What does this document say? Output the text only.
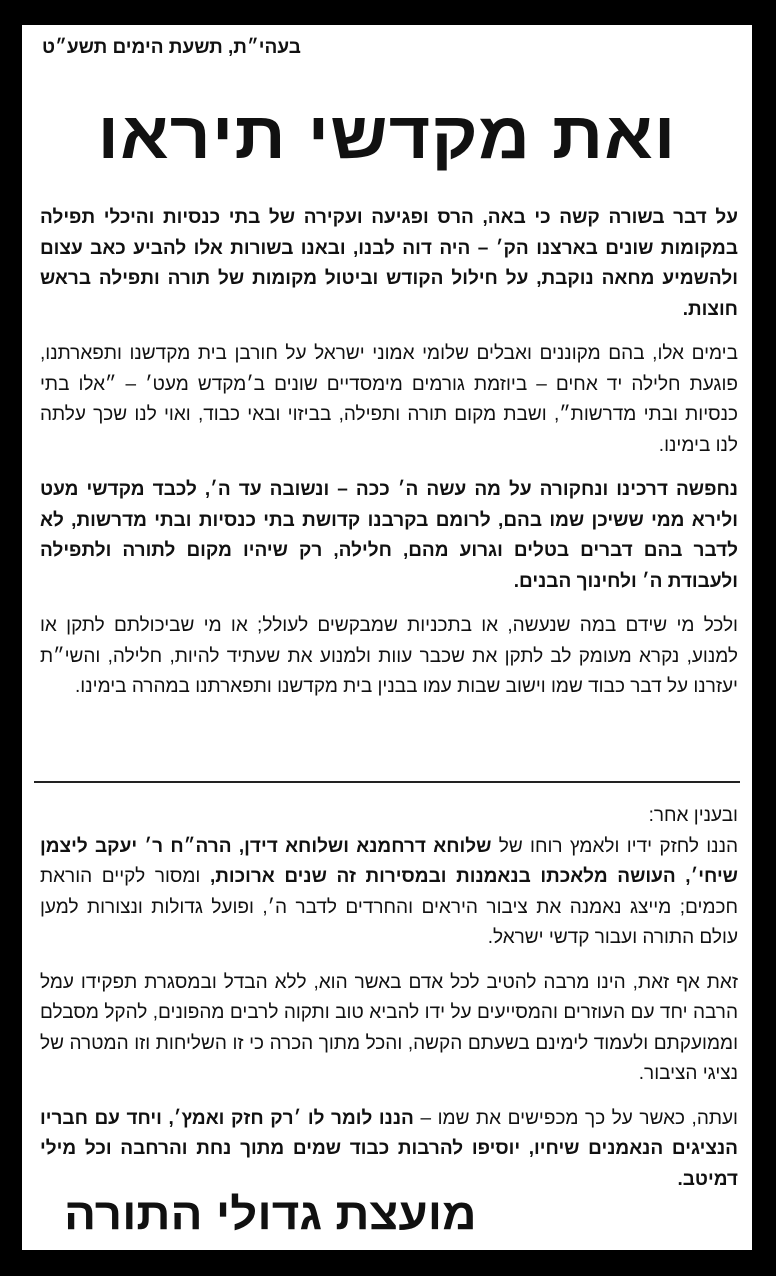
בעהי״ת, תשעת הימים תשע״ט
ואת מקדשי תיראו

על דבר בשורה קשה כי באה, הרס ופגיעה ועקירה של בתי כנסיות והיכלי תפילה במקומות שונים בארצנו הק׳ – היה דוה לבנו, ובאנו בשורות אלו להביע כאב עצום ולהשמיע מחאה נוקבת, על חילול הקודש וביטול מקומות של תורה ותפילה בראש חוצות.

בימים אלו, בהם מקוננים ואבלים שלומי אמוני ישראל על חורבן בית מקדשנו ותפארתנו, פוגעת חלילה יד אחים – ביוזמת גורמים מימסדיים שונים ב׳מקדש מעט׳ – ״אלו בתי כנסיות ובתי מדרשות״, ושבת מקום תורה ותפילה, בביזוי ובאי כבוד, ואוי לנו שכך עלתה לנו בימינו.

נחפשה דרכינו ונחקורה על מה עשה ה׳ ככה – ונשובה עד ה׳, לכבד מקדשי מעט ולירא ממי ששיכן שמו בהם, לרומם בקרבנו קדושת בתי כנסיות ובתי מדרשות, לא לדבר בהם דברים בטלים וגרוע מהם, חלילה, רק שיהיו מקום לתורה ולתפילה ולעבודת ה׳ ולחינוך הבנים.

ולכל מי שידם במה שנעשה, או בתכניות שמבקשים לעולל; או מי שביכולתם לתקן או למנוע, נקרא מעומק לב לתקן את שכבר עוות ולמנוע את שעתיד להיות, חלילה, והשי״ת יעזרנו על דבר כבוד שמו וישוב שבות עמו בבנין בית מקדשנו ותפארתנו במהרה בימינו.

ובענין אחר:

הננו לחזק ידיו ולאמץ רוחו של שלוחא דרחמנא ושלוחא דידן, הרה״ח ר׳ יעקב ליצמן שיחי׳, העושה מלאכתו בנאמנות ובמסירות זה שנים ארוכות, ומסור לקיים הוראת חכמים; מייצג נאמנה את ציבור היראים והחרדים לדבר ה׳, ופועל גדולות ונצורות למען עולם התורה ועבור קדשי ישראל.

זאת אף זאת, הינו מרבה להטיב לכל אדם באשר הוא, ללא הבדל ובמסגרת תפקידו עמל הרבה יחד עם העוזרים והמסייעים על ידו להביא טוב ותקוה לרבים מהפונים, להקל מסבלם וממועקתם ולעמוד לימינם בשעתם הקשה, והכל מתוך הכרה כי זו השליחות וזו המטרה של נציגי הציבור.

ועתה, כאשר על כך מכפישים את שמו – הננו לומר לו ׳רק חזק ואמץ׳, ויחד עם חבריו הנציגים הנאמנים שיחיו, יוסיפו להרבות כבוד שמים מתוך נחת והרחבה וכל מילי דמיטב.

מועצת גדולי התורה
